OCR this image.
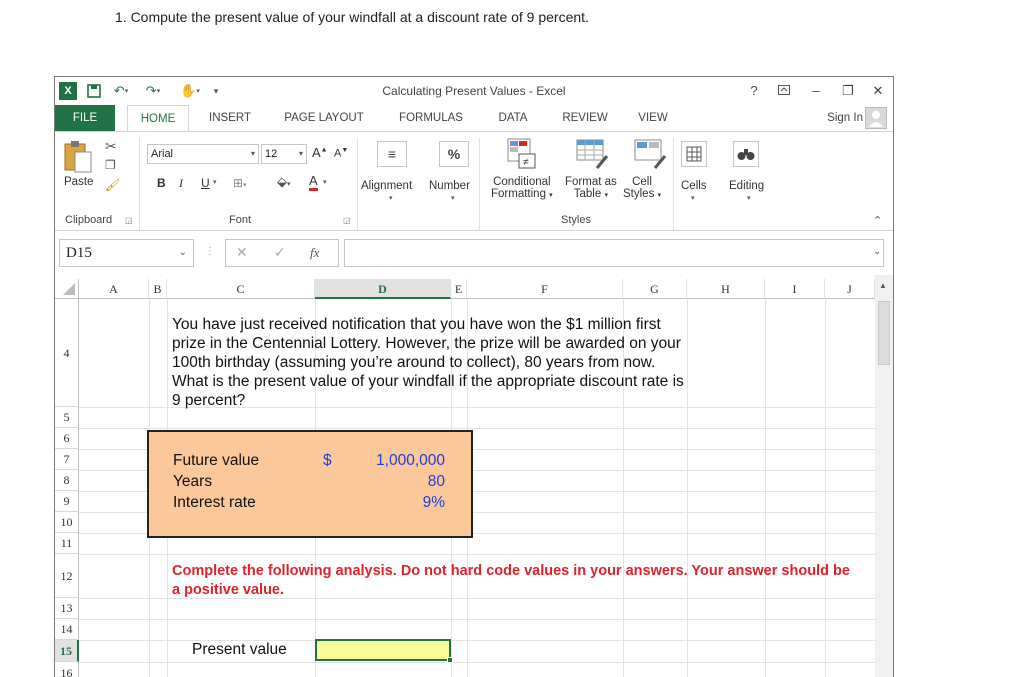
1. Compute the present value of your windfall at a discount rate of 9 percent.
X	↶ ▾	↷ ▾ ✋ ▾	▾	Calculating Present Values - Excel	?	–	❐	✕
FILE	HOME	INSERT	PAGE LAYOUT	FORMULAS	DATA	REVIEW	VIEW	Sign In
Paste
✂
❐
🖌
Clipboard ◲
Arial	▾ 12	▾ A▲ A▼
B I U ▾ ⊞▾ ⬙▾ A ▾
Font	◲
≡
Alignment
▾
%
Number
▾
≠
Conditional
Formatting ▾
Format as
Table ▾
Cell
Styles ▾
Styles
Cells
▾
Editing
▾
⌃
D15	⌄ ⋮ ✕ ✓ fx	⌄
A	B	C	D	E	F	G	H	I	J
4
5
6
7
8
9
10
11
12
13
14
15
16
You have just received notification that you have won the $1 million first prize in the Centennial Lottery. However, the prize will be awarded on your 100th birthday (assuming you’re around to collect), 80 years from now. What is the present value of your windfall if the appropriate discount rate is 9 percent?
Future value	$	1,000,000
Years	80
Interest rate	9%
Complete the following analysis. Do not hard code values in your answers. Your answer should be a positive value.
Present value
▲
